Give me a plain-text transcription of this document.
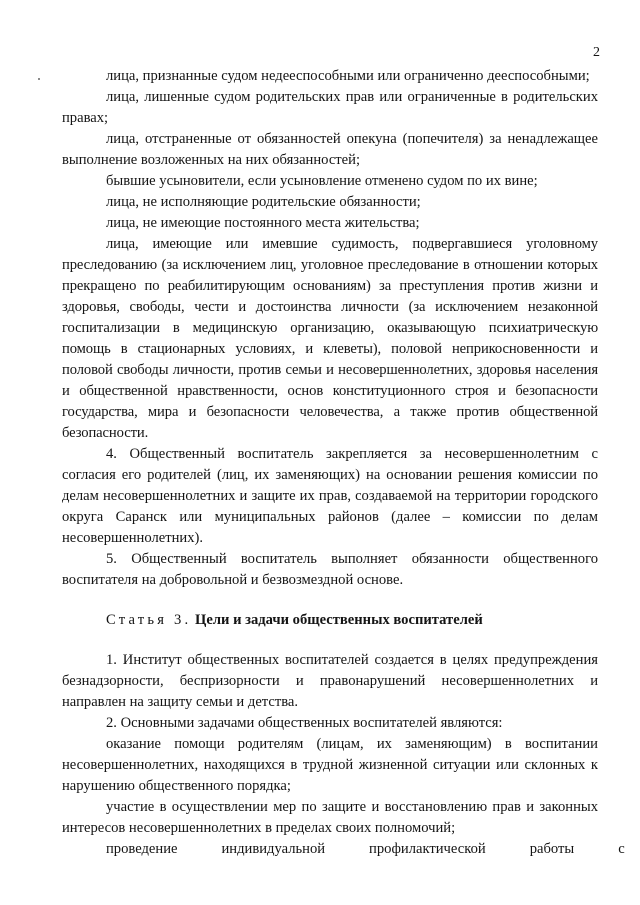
2

лица, признанные судом недееспособными или ограниченно дееспособными;

лица, лишенные судом родительских прав или ограниченные в родительских правах;

лица, отстраненные от обязанностей опекуна (попечителя) за ненадлежащее выполнение возложенных на них обязанностей;

бывшие усыновители, если усыновление отменено судом по их вине;

лица, не исполняющие родительские обязанности;

лица, не имеющие постоянного места жительства;

лица, имеющие или имевшие судимость, подвергавшиеся уголовному преследованию (за исключением лиц, уголовное преследование в отношении которых прекращено по реабилитирующим основаниям) за преступления против жизни и здоровья, свободы, чести и достоинства личности (за исключением незаконной госпитализации в медицинскую организацию, оказывающую психиатрическую помощь в стационарных условиях, и клеветы), половой неприкосновенности и половой свободы личности, против семьи и несовершеннолетних, здоровья населения и общественной нравственности, основ конституционного строя и безопасности государства, мира и безопасности человечества, а также против общественной безопасности.

4. Общественный воспитатель закрепляется за несовершеннолетним с согласия его родителей (лиц, их заменяющих) на основании решения комиссии по делам несовершеннолетних и защите их прав, создаваемой на территории городского округа Саранск или муниципальных районов (далее – комиссии по делам несовершеннолетних).

5. Общественный воспитатель выполняет обязанности общественного воспитателя на добровольной и безвозмездной основе.

Статья 3. Цели и задачи общественных воспитателей

1. Институт общественных воспитателей создается в целях предупреждения безнадзорности, беспризорности и правонарушений несовершеннолетних и направлен на защиту семьи и детства.

2. Основными задачами общественных воспитателей являются:

оказание помощи родителям (лицам, их заменяющим) в воспитании несовершеннолетних, находящихся в трудной жизненной ситуации или склонных к нарушению общественного порядка;

участие в осуществлении мер по защите и восстановлению прав и законных интересов несовершеннолетних в пределах своих полномочий;

проведение	индивидуальной	профилактической	работы	с
